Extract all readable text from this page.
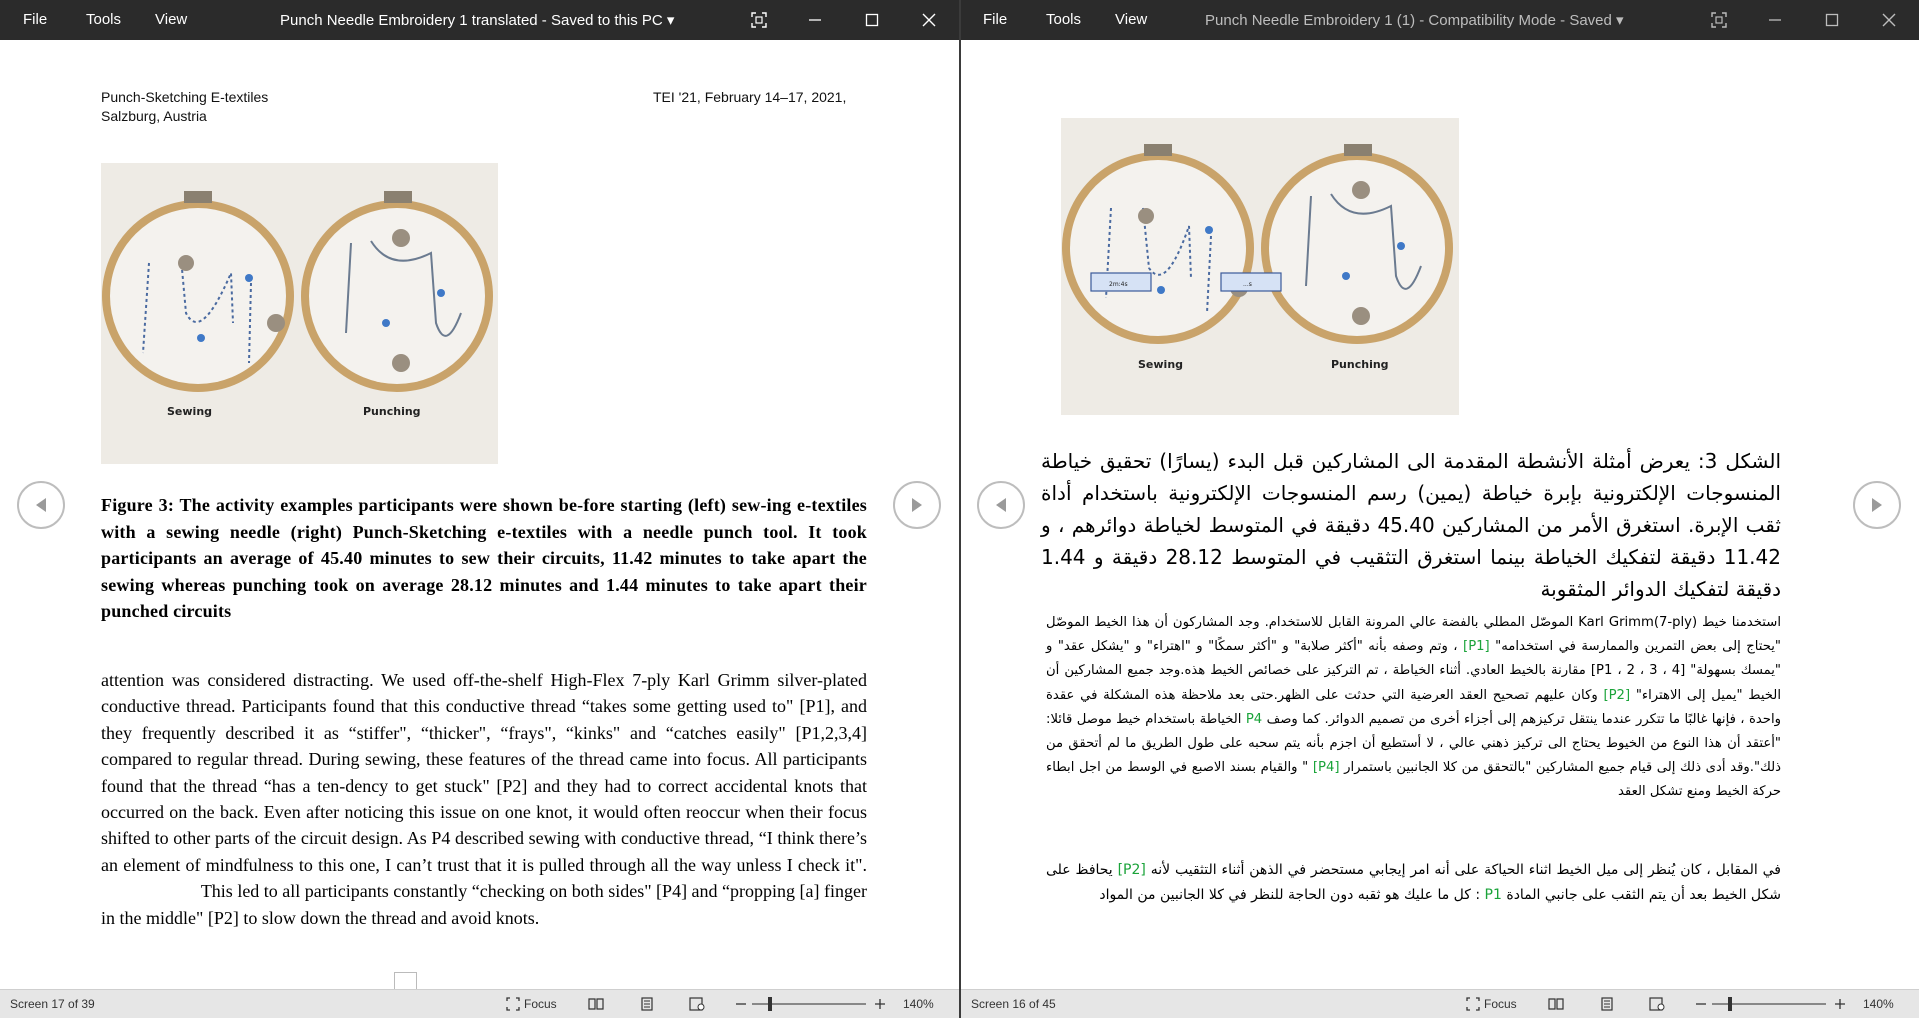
File	Tools View	Punch Needle Embroidery 1 translated - Saved to this PC ▾
Punch-Sketching E-textiles
Salzburg, Austria
TEI '21, February 14–17, 2021,
Sewing	Punching
Figure 3: The activity examples participants were shown be-fore starting (left) sew-ing e-textiles with a sewing needle (right) Punch-Sketching e-textiles with a needle punch tool. It took participants an average of 45.40 minutes to sew their circuits, 11.42 minutes to take apart the sewing whereas punching took on average 28.12 minutes and 1.44 minutes to take apart their punched circuits

attention was considered distracting. We used off-the-shelf High-Flex 7-ply Karl Grimm silver-plated conductive thread. Participants found that this conductive thread “takes some getting used to" [P1], and they frequently described it as “stiffer", “thicker", “frays", “kinks" and “catches easily" [P1,2,3,4] compared to regular thread. During sewing, these features of the thread came into focus. All participants found that the thread “has a ten-dency to get stuck" [P2] and they had to correct accidental knots that occurred on the back. Even after noticing this issue on one knot, it would often reoccur when their focus shifted to other parts of the circuit design. As P4 described sewing with conductive thread, “I think there’s an element of mindfulness to this one, I can’t trust that it is pulled through all the way unless I check it". This led to all participants constantly “checking on both sides" [P4] and “propping [a] finger

in the middle" [P2] to slow down the thread and avoid knots.

Screen 17 of 39	Focus	140%
File	Tools View	Punch Needle Embroidery 1 (1) - Compatibility Mode - Saved ▾
2m:4s	...s
Sewing	Punching
الشكل 3: يعرض أمثلة الأنشطة المقدمة الى المشاركين قبل البدء (يسارًا) تحقيق خياطة المنسوجات الإلكترونية بإبرة خياطة (يمين) رسم المنسوجات الإلكترونية باستخدام أداة ثقب الإبرة. استغرق الأمر من المشاركين 45.40 دقيقة في المتوسط لخياطة دوائرهم ، و 11.42 دقيقة لتفكيك الخياطة بينما استغرق التثقيب في المتوسط 28.12 دقيقة و 1.44 دقيقة لتفكيك الدوائر المثقوبة
استخدمنا خيط Karl Grimm(7-ply) الموصّل المطلي بالفضة عالي المرونة القابل للاستخدام. وجد المشاركون أن هذا الخيط الموصّل "يحتاج إلى بعض التمرين والممارسة في استخدامه" [P1] ، وتم وصفه بأنه "أكثر صلابة" و "أكثر سمكًا" و "اهتراء" و "يشكل عقد" و "يمسك بسهولة" [4 ، 3 ، 2 ، P1] مقارنة بالخيط العادي. أثناء الخياطة ، تم التركيز على خصائص الخيط هذه.وجد جميع المشاركين أن الخيط "يميل إلى الاهتراء" [P2] وكان عليهم تصحيح العقد العرضية التي حدثت على الظهر.حتى بعد ملاحظة هذه المشكلة في عقدة واحدة ، فإنها غالبًا ما تتكرر عندما ينتقل تركيزهم إلى أجزاء أخرى من تصميم الدوائر. كما وصف P4 الخياطة باستخدام خيط موصل قائلا: "أعتقد أن هذا النوع من الخيوط يحتاج الى تركيز ذهني عالي ، لا أستطيع أن اجزم بأنه يتم سحبه على طول الطريق ما لم أتحقق من ذلك".وقد أدى ذلك إلى قيام جميع المشاركين "بالتحقق من كلا الجانبين باستمرار [P4] " والقيام بسند الاصبع في الوسط من اجل ابطاء حركة الخيط ومنع تشكل العقد
في المقابل ، كان يُنظر إلى ميل الخيط اثناء الحياكة على أنه امر إيجابي مستحضر في الذهن أثناء التثقيب لأنه [P2] يحافظ على شكل الخيط بعد أن يتم الثقب على جانبي المادة P1 : كل ما عليك هو ثقبه دون الحاجة للنظر في كلا الجانبين من المواد
Screen 16 of 45	Focus	140%
